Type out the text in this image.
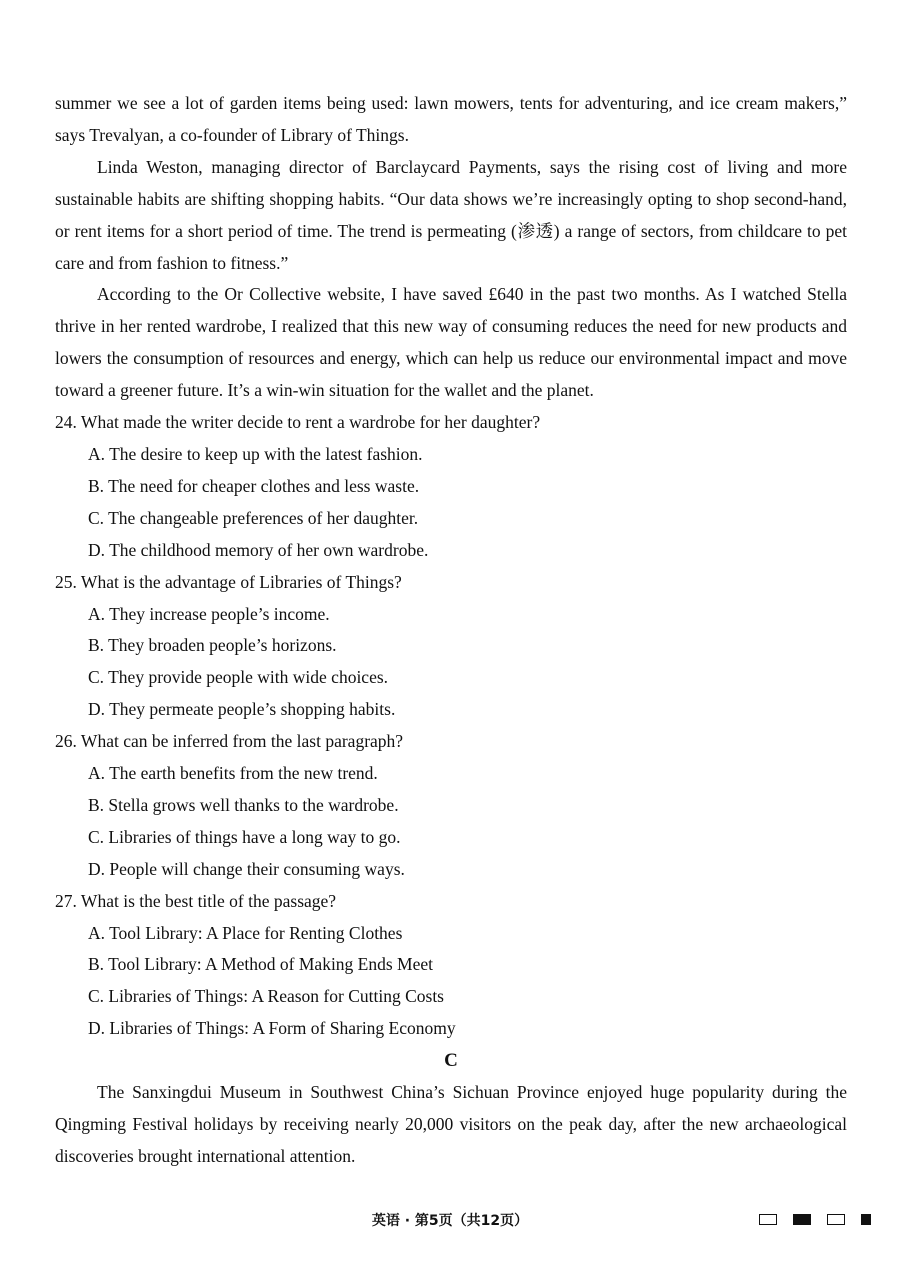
summer we see a lot of garden items being used: lawn mowers, tents for adventuring, and ice cream makers,” says Trevalyan, a co-founder of Library of Things.

Linda Weston, managing director of Barclaycard Payments, says the rising cost of living and more sustainable habits are shifting shopping habits. “Our data shows we’re increasingly opting to shop second-hand, or rent items for a short period of time. The trend is permeating (渗透) a range of sectors, from childcare to pet care and from fashion to fitness.”

According to the Or Collective website, I have saved £640 in the past two months. As I watched Stella thrive in her rented wardrobe, I realized that this new way of consuming reduces the need for new products and lowers the consumption of resources and energy, which can help us reduce our environmental impact and move toward a greener future. It’s a win-win situation for the wallet and the planet.

24. What made the writer decide to rent a wardrobe for her daughter?

A. The desire to keep up with the latest fashion.

B. The need for cheaper clothes and less waste.

C. The changeable preferences of her daughter.

D. The childhood memory of her own wardrobe.

25. What is the advantage of Libraries of Things?

A. They increase people’s income.

B. They broaden people’s horizons.

C. They provide people with wide choices.

D. They permeate people’s shopping habits.

26. What can be inferred from the last paragraph?

A. The earth benefits from the new trend.

B. Stella grows well thanks to the wardrobe.

C. Libraries of things have a long way to go.

D. People will change their consuming ways.

27. What is the best title of the passage?

A. Tool Library: A Place for Renting Clothes

B. Tool Library: A Method of Making Ends Meet

C. Libraries of Things: A Reason for Cutting Costs

D. Libraries of Things: A Form of Sharing Economy

C

The Sanxingdui Museum in Southwest China’s Sichuan Province enjoyed huge popularity during the Qingming Festival holidays by receiving nearly 20,000 visitors on the peak day, after the new archaeological discoveries brought international attention.

英语 · 第5页（共12页）
